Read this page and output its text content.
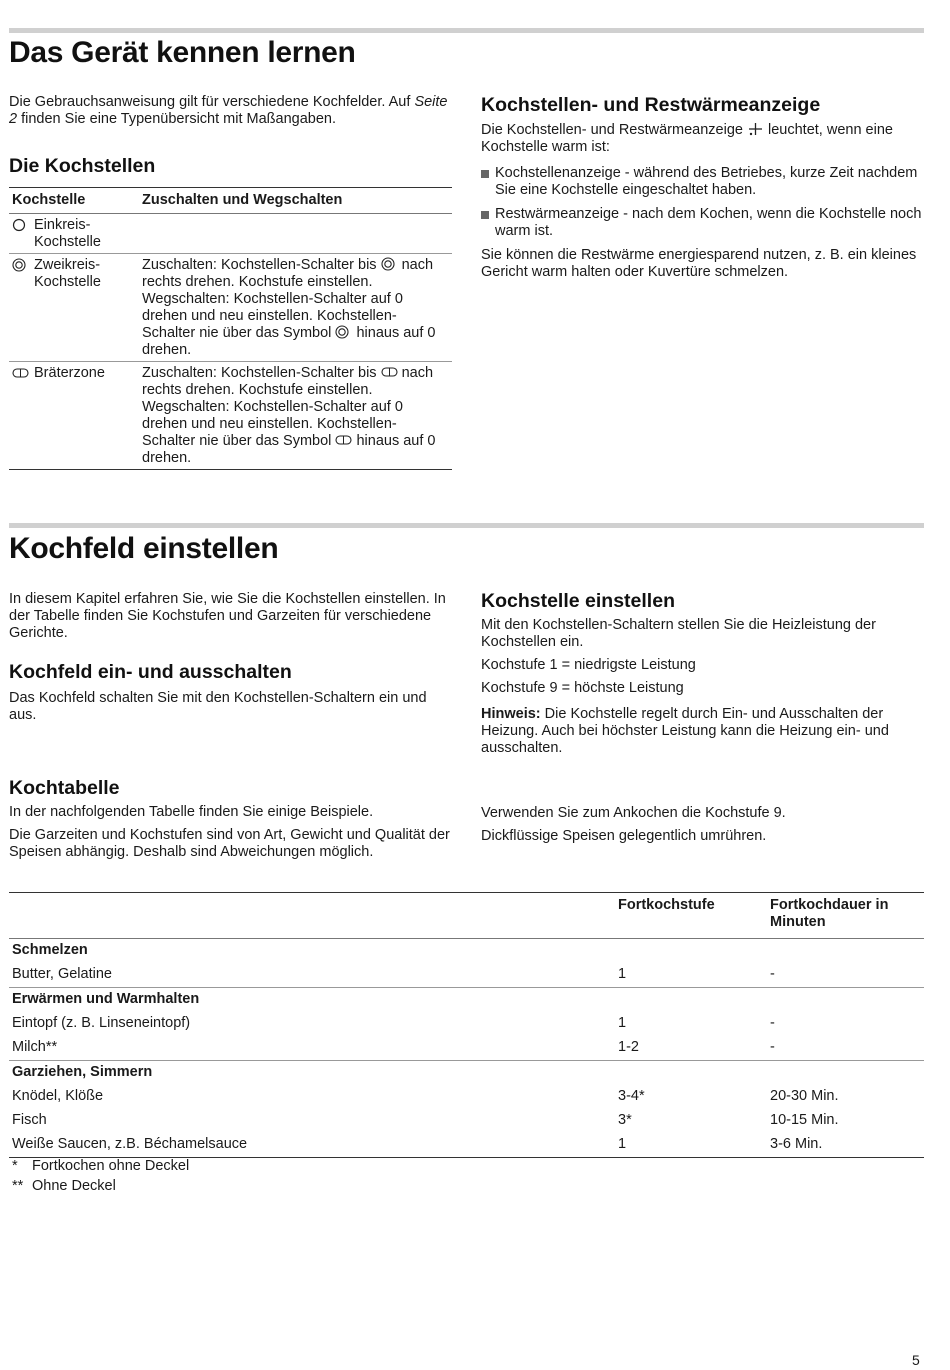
Das Gerät kennen lernen

Die Gebrauchsanweisung gilt für verschiedene Kochfelder. Auf Seite 2 finden Sie eine Typenübersicht mit Maßangaben.

Die Kochstellen
Kochstelle	Zuschalten und Wegschalten

Einkreis-Kochstelle	

Zweikreis-Kochstelle	Zuschalten: Kochstellen-Schalter bis nach rechts drehen. Kochstufe einstellen. Wegschalten: Kochstellen-Schalter auf 0 drehen und neu einstellen. Kochstellen-Schalter nie über das Symbol hinaus auf 0 drehen.

Bräterzone	Zuschalten: Kochstellen-Schalter bis nach rechts drehen. Kochstufe einstellen. Wegschalten: Kochstellen-Schalter auf 0 drehen und neu einstellen. Kochstellen-Schalter nie über das Symbol hinaus auf 0 drehen.
Kochstellen- und Restwärmeanzeige

Die Kochstellen- und Restwärmeanzeige leuchtet, wenn eine Kochstelle warm ist:

Kochstellenanzeige - während des Betriebes, kurze Zeit nachdem Sie eine Kochstelle eingeschaltet haben.
Restwärmeanzeige - nach dem Kochen, wenn die Kochstelle noch warm ist.

Sie können die Restwärme energiesparend nutzen, z. B. ein kleines Gericht warm halten oder Kuvertüre schmelzen.

Kochfeld einstellen

In diesem Kapitel erfahren Sie, wie Sie die Kochstellen einstellen. In der Tabelle finden Sie Kochstufen und Garzeiten für verschiedene Gerichte.

Kochfeld ein- und ausschalten

Das Kochfeld schalten Sie mit den Kochstellen-Schaltern ein und aus.

Kochstelle einstellen

Mit den Kochstellen-Schaltern stellen Sie die Heizleistung der Kochstellen ein.

Kochstufe 1 = niedrigste Leistung

Kochstufe 9 = höchste Leistung

Hinweis: Die Kochstelle regelt durch Ein- und Ausschalten der Heizung. Auch bei höchster Leistung kann die Heizung ein- und ausschalten.

Kochtabelle

In der nachfolgenden Tabelle finden Sie einige Beispiele.

Die Garzeiten und Kochstufen sind von Art, Gewicht und Qualität der Speisen abhängig. Deshalb sind Abweichungen möglich.

Verwenden Sie zum Ankochen die Kochstufe 9.

Dickflüssige Speisen gelegentlich umrühren.

	Fortkochstufe	Fortkochdauer in Minuten
Schmelzen		
Butter, Gelatine	1	-
Erwärmen und Warmhalten		
Eintopf (z. B. Linseneintopf)	1	-
Milch**	1-2	-
Garziehen, Simmern		
Knödel, Klöße	3-4*	20-30 Min.
Fisch	3*	10-15 Min.
Weiße Saucen, z.B. Béchamelsauce	1	3-6 Min.
* Fortkochen ohne Deckel
** Ohne Deckel
5
